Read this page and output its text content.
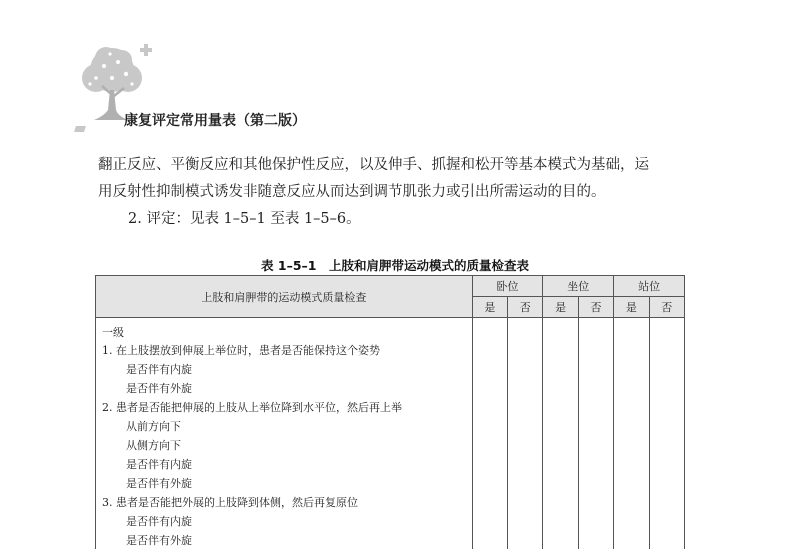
康复评定常用量表（第二版）

翻正反应、平衡反应和其他保护性反应，以及伸手、抓握和松开等基本模式为基础，运

用反射性抑制模式诱发非随意反应从而达到调节肌张力或引出所需运动的目的。

2. 评定：见表 1–5–1 至表 1–5–6。

表 1–5–1　上肢和肩胛带运动模式的质量检查表
上肢和肩胛带的运动模式质量检查	卧位		坐位		站位	
	是	否	是	否	是	否
一级						
1. 在上肢摆放到伸展上举位时，患者是否能保持这个姿势						
是否伴有内旋						
是否伴有外旋						
2. 患者是否能把伸展的上肢从上举位降到水平位，然后再上举						
从前方向下						
从侧方向下						
是否伴有内旋						
是否伴有外旋						
3. 患者是否能把外展的上肢降到体侧，然后再复原位						
是否伴有内旋						
是否伴有外旋						
